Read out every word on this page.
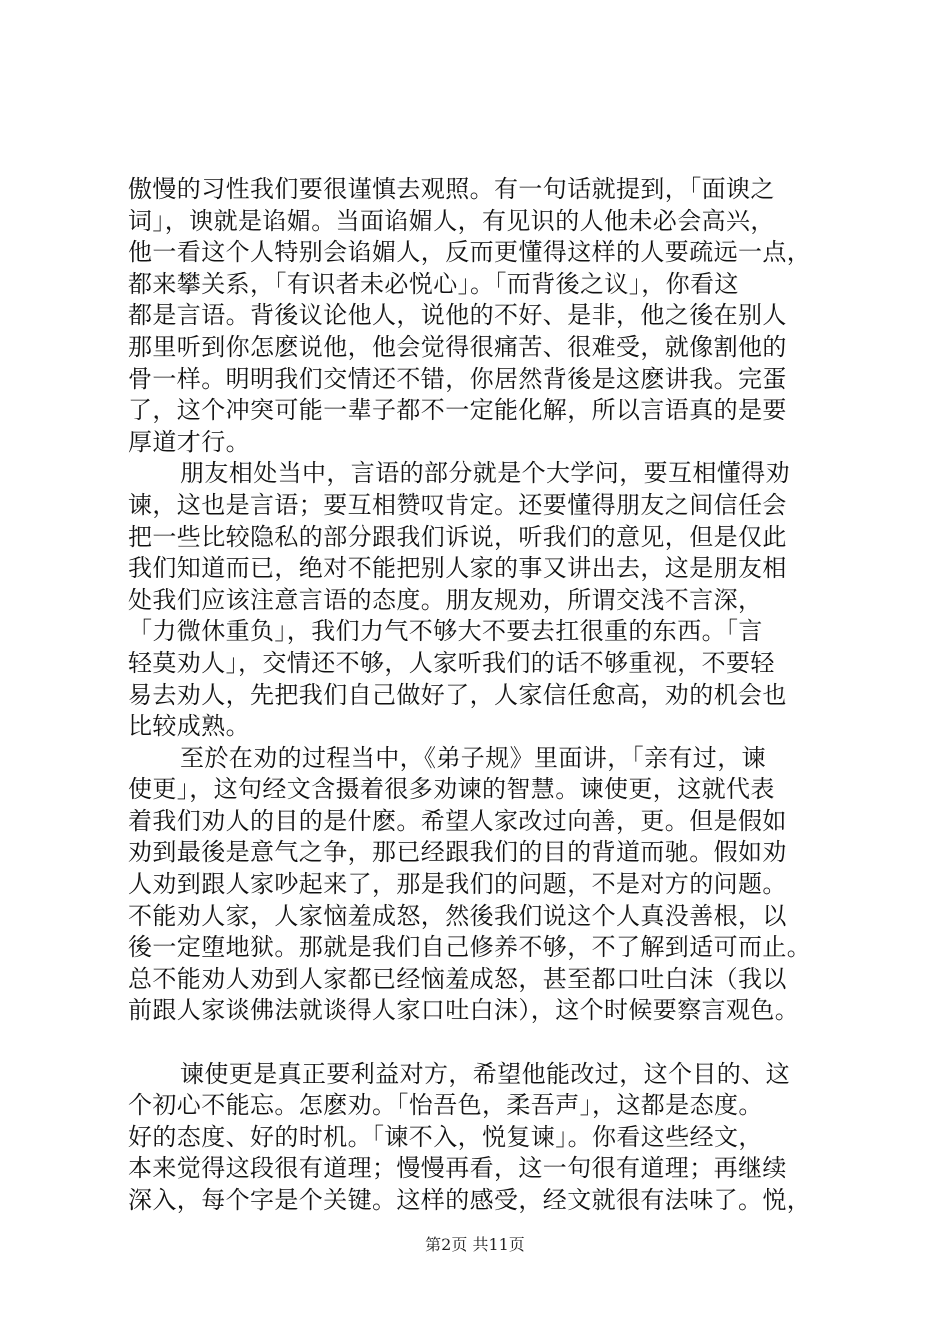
傲慢的习性我们要很谨慎去观照。有一句话就提到，「面谀之
词」，谀就是谄媚。当面谄媚人，有见识的人他未必会高兴，
他一看这个人特别会谄媚人，反而更懂得这样的人要疏远一点，
都来攀关系，「有识者未必悦心」。「而背後之议」，你看这
都是言语。背後议论他人，说他的不好、是非，他之後在别人
那里听到你怎麽说他，他会觉得很痛苦、很难受，就像割他的
骨一样。明明我们交情还不错，你居然背後是这麽讲我。完蛋
了，这个冲突可能一辈子都不一定能化解，所以言语真的是要
厚道才行。
朋友相处当中，言语的部分就是个大学问，要互相懂得劝
谏，这也是言语；要互相赞叹肯定。还要懂得朋友之间信任会
把一些比较隐私的部分跟我们诉说，听我们的意见，但是仅此
我们知道而已，绝对不能把别人家的事又讲出去，这是朋友相
处我们应该注意言语的态度。朋友规劝，所谓交浅不言深，
「力微休重负」，我们力气不够大不要去扛很重的东西。「言
轻莫劝人」，交情还不够，人家听我们的话不够重视，不要轻
易去劝人，先把我们自己做好了，人家信任愈高，劝的机会也
比较成熟。
至於在劝的过程当中，《弟子规》里面讲，「亲有过，谏
使更」，这句经文含摄着很多劝谏的智慧。谏使更，这就代表
着我们劝人的目的是什麽。希望人家改过向善，更。但是假如
劝到最後是意气之争，那已经跟我们的目的背道而驰。假如劝
人劝到跟人家吵起来了，那是我们的问题，不是对方的问题。
不能劝人家，人家恼羞成怒，然後我们说这个人真没善根，以
後一定堕地狱。那就是我们自己修养不够，不了解到适可而止。
总不能劝人劝到人家都已经恼羞成怒，甚至都口吐白沫（我以
前跟人家谈佛法就谈得人家口吐白沫），这个时候要察言观色。
谏使更是真正要利益对方，希望他能改过，这个目的、这
个初心不能忘。怎麽劝。「怡吾色，柔吾声」，这都是态度。
好的态度、好的时机。「谏不入，悦复谏」。你看这些经文，
本来觉得这段很有道理；慢慢再看，这一句很有道理；再继续
深入，每个字是个关键。这样的感受，经文就很有法味了。悦，
第2页 共11页
